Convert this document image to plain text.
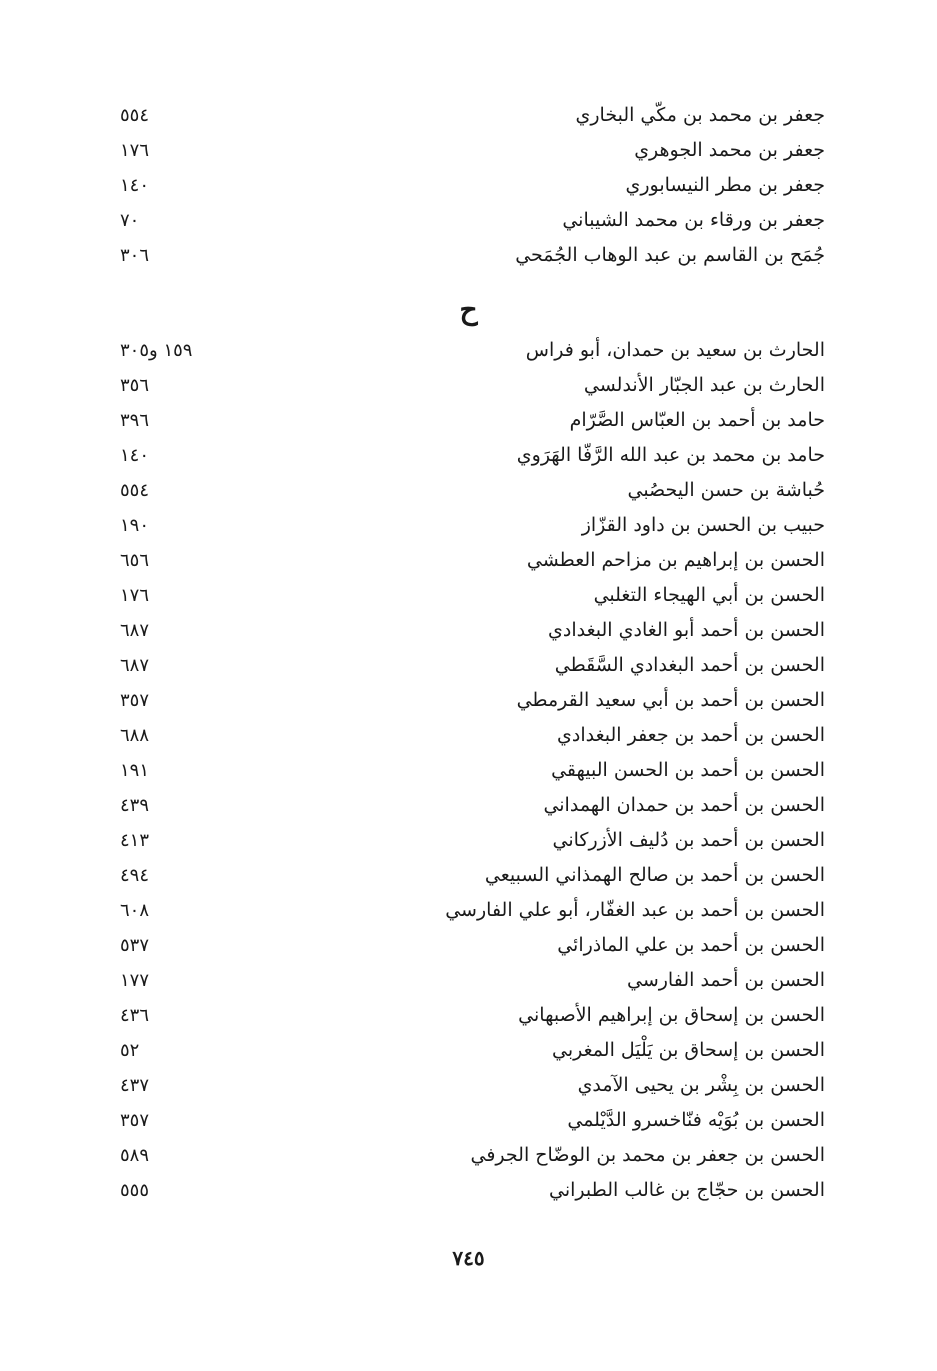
جعفر بن محمد بن مكّي البخاري
٥٥٤
جعفر بن محمد الجوهري
١٧٦
جعفر بن مطر النيسابوري
١٤٠
جعفر بن ورقاء بن محمد الشيباني
٧٠
جُمَح بن القاسم بن عبد الوهاب الجُمَحي
٣٠٦
ح
الحارث بن سعيد بن حمدان، أبو فراس
١٥٩ و٣٠٥
الحارث بن عبد الجبّار الأندلسي
٣٥٦
حامد بن أحمد بن العبّاس الصَّرّام
٣٩٦
حامد بن محمد بن عبد الله الرَّفّا الهَرَوي
١٤٠
حُباشة بن حسن اليحصُبي
٥٥٤
حبيب بن الحسن بن داود القزّاز
١٩٠
الحسن بن إبراهيم بن مزاحم العطشي
٦٥٦
الحسن بن أبي الهيجاء التغلبي
١٧٦
الحسن بن أحمد أبو الغادي البغدادي
٦٨٧
الحسن بن أحمد البغدادي السَّقَطي
٦٨٧
الحسن بن أحمد بن أبي سعيد القرمطي
٣٥٧
الحسن بن أحمد بن جعفر البغدادي
٦٨٨
الحسن بن أحمد بن الحسن البيهقي
١٩١
الحسن بن أحمد بن حمدان الهمداني
٤٣٩
الحسن بن أحمد بن دُليف الأزركاني
٤١٣
الحسن بن أحمد بن صالح الهمذاني السبيعي
٤٩٤
الحسن بن أحمد بن عبد الغفّار، أبو علي الفارسي
٦٠٨
الحسن بن أحمد بن علي الماذرائي
٥٣٧
الحسن بن أحمد الفارسي
١٧٧
الحسن بن إسحاق بن إبراهيم الأصبهاني
٤٣٦
الحسن بن إسحاق بن يَلْيَل المغربي
٥٢
الحسن بن بِشْر بن يحيى الآمدي
٤٣٧
الحسن بن بُوَيْه فنّاخسرو الدَّيْلمي
٣٥٧
الحسن بن جعفر بن محمد بن الوضّاح الجرفي
٥٨٩
الحسن بن حجّاج بن غالب الطبراني
٥٥٥
٧٤٥
